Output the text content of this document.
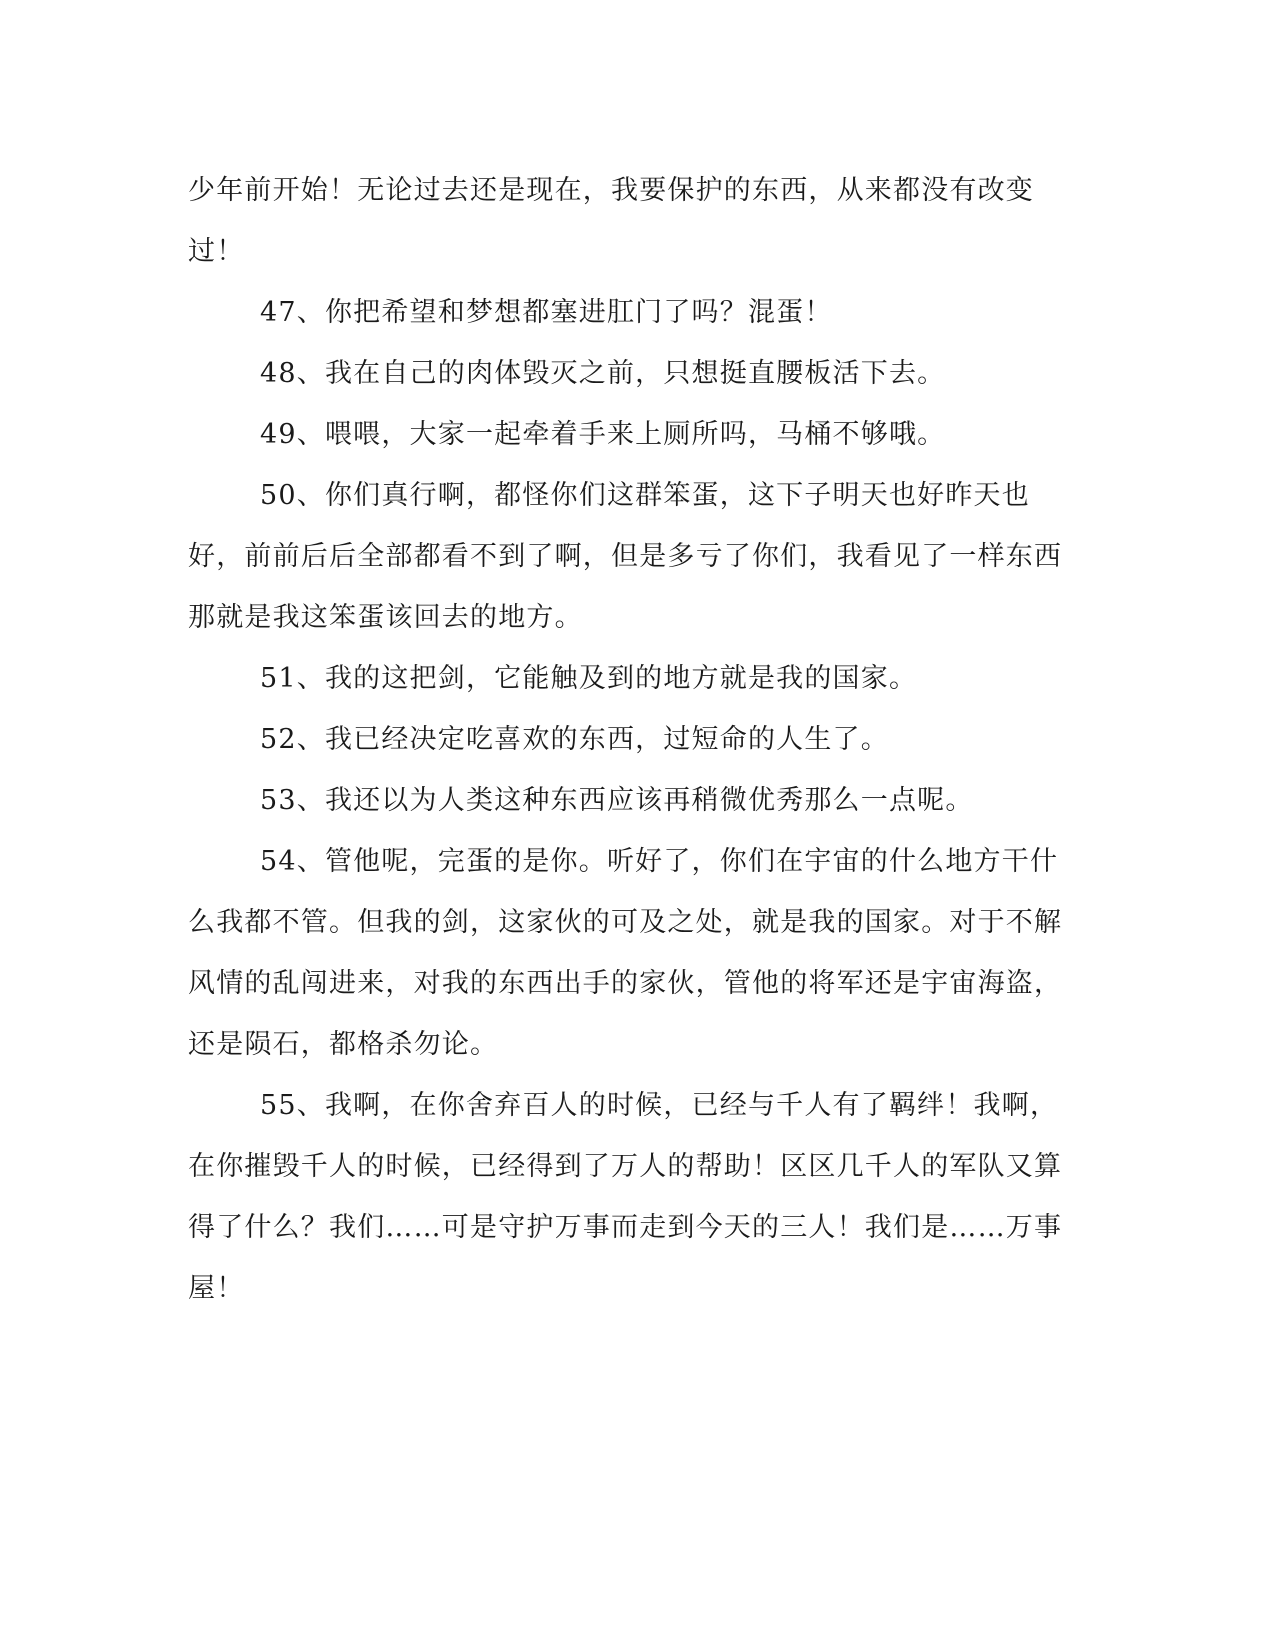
少年前开始！无论过去还是现在，我要保护的东西，从来都没有改变过！

47、你把希望和梦想都塞进肛门了吗？混蛋！

48、我在自己的肉体毁灭之前，只想挺直腰板活下去。

49、喂喂，大家一起牵着手来上厕所吗，马桶不够哦。

50、你们真行啊，都怪你们这群笨蛋，这下子明天也好昨天也好，前前后后全部都看不到了啊，但是多亏了你们，我看见了一样东西那就是我这笨蛋该回去的地方。

51、我的这把剑，它能触及到的地方就是我的国家。

52、我已经决定吃喜欢的东西，过短命的人生了。

53、我还以为人类这种东西应该再稍微优秀那么一点呢。

54、管他呢，完蛋的是你。听好了，你们在宇宙的什么地方干什么我都不管。但我的剑，这家伙的可及之处，就是我的国家。对于不解风情的乱闯进来，对我的东西出手的家伙，管他的将军还是宇宙海盗，还是陨石，都格杀勿论。

55、我啊，在你舍弃百人的时候，已经与千人有了羁绊！我啊，在你摧毁千人的时候，已经得到了万人的帮助！区区几千人的军队又算得了什么？我们……可是守护万事而走到今天的三人！我们是……万事屋！
